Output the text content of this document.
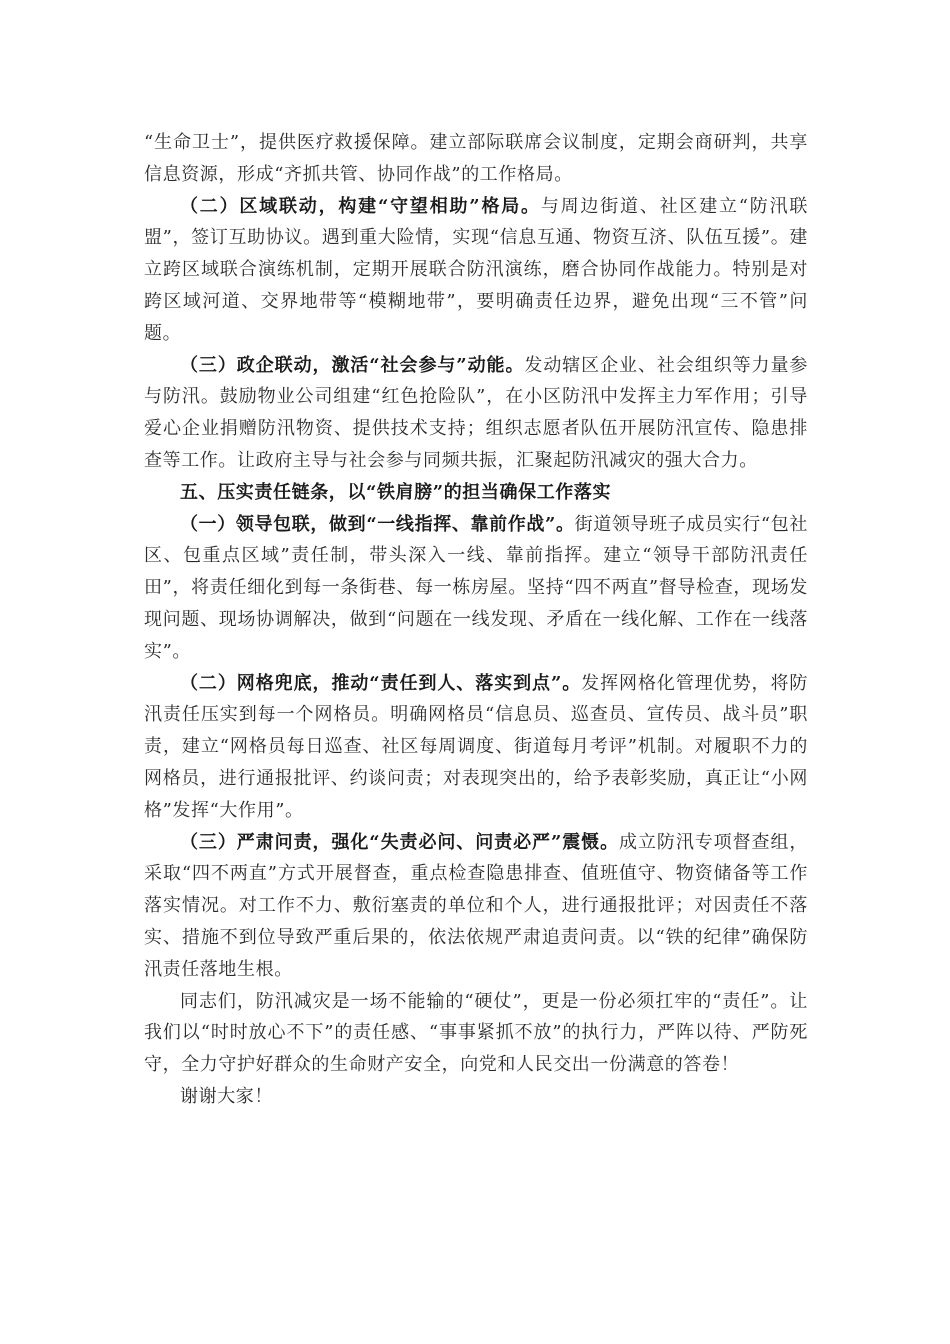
“生命卫士”，提供医疗救援保障。建立部际联席会议制度，定期会商研判，共享信息资源，形成“齐抓共管、协同作战”的工作格局。

（二）区域联动，构建“守望相助”格局。与周边街道、社区建立“防汛联盟”，签订互助协议。遇到重大险情，实现“信息互通、物资互济、队伍互援”。建立跨区域联合演练机制，定期开展联合防汛演练，磨合协同作战能力。特别是对跨区域河道、交界地带等“模糊地带”，要明确责任边界，避免出现“三不管”问题。

（三）政企联动，激活“社会参与”动能。发动辖区企业、社会组织等力量参与防汛。鼓励物业公司组建“红色抢险队”，在小区防汛中发挥主力军作用；引导爱心企业捐赠防汛物资、提供技术支持；组织志愿者队伍开展防汛宣传、隐患排查等工作。让政府主导与社会参与同频共振，汇聚起防汛减灾的强大合力。

五、压实责任链条，以“铁肩膀”的担当确保工作落实

（一）领导包联，做到“一线指挥、靠前作战”。街道领导班子成员实行“包社区、包重点区域”责任制，带头深入一线、靠前指挥。建立“领导干部防汛责任田”，将责任细化到每一条街巷、每一栋房屋。坚持“四不两直”督导检查，现场发现问题、现场协调解决，做到“问题在一线发现、矛盾在一线化解、工作在一线落实”。

（二）网格兜底，推动“责任到人、落实到点”。发挥网格化管理优势，将防汛责任压实到每一个网格员。明确网格员“信息员、巡查员、宣传员、战斗员”职责，建立“网格员每日巡查、社区每周调度、街道每月考评”机制。对履职不力的网格员，进行通报批评、约谈问责；对表现突出的，给予表彰奖励，真正让“小网格”发挥“大作用”。

（三）严肃问责，强化“失责必问、问责必严”震慑。成立防汛专项督查组，采取“四不两直”方式开展督查，重点检查隐患排查、值班值守、物资储备等工作落实情况。对工作不力、敷衍塞责的单位和个人，进行通报批评；对因责任不落实、措施不到位导致严重后果的，依法依规严肃追责问责。以“铁的纪律”确保防汛责任落地生根。

同志们，防汛减灾是一场不能输的“硬仗”，更是一份必须扛牢的“责任”。让我们以“时时放心不下”的责任感、“事事紧抓不放”的执行力，严阵以待、严防死守，全力守护好群众的生命财产安全，向党和人民交出一份满意的答卷！

谢谢大家！
